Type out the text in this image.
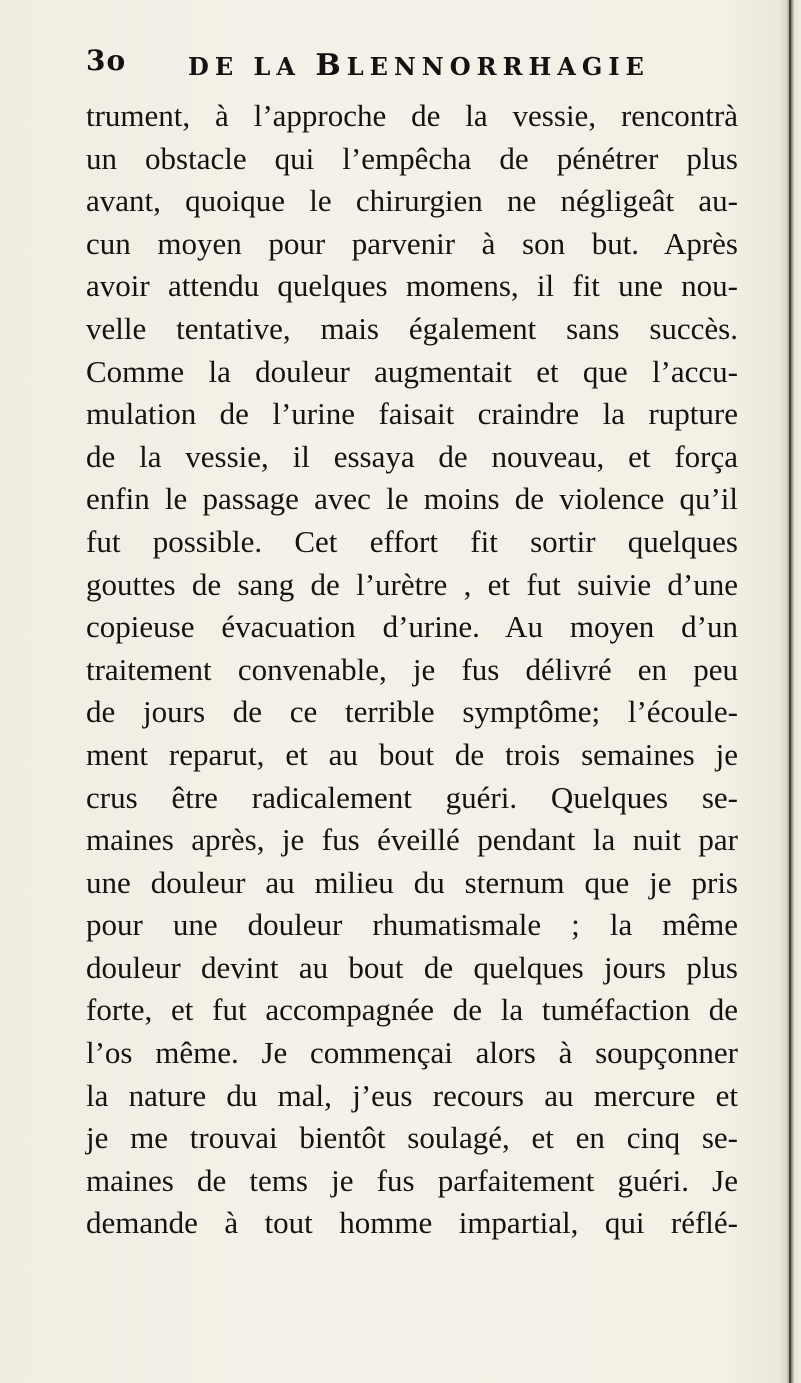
3o	DE LA BLENNORRHAGIE
trument, à l’approche de la vessie, rencontrà
un obstacle qui l’empêcha de pénétrer plus
avant, quoique le chirurgien ne négligeât au-
cun moyen pour parvenir à son but. Après
avoir attendu quelques momens, il fit une nou-
velle tentative, mais également sans succès.
Comme la douleur augmentait et que l’accu-
mulation de l’urine faisait craindre la rupture
de la vessie, il essaya de nouveau, et força
enfin le passage avec le moins de violence qu’il
fut possible. Cet effort fit sortir quelques
gouttes de sang de l’urètre , et fut suivie d’une
copieuse évacuation d’urine. Au moyen d’un
traitement convenable, je fus délivré en peu
de jours de ce terrible symptôme; l’écoule-
ment reparut, et au bout de trois semaines je
crus être radicalement guéri. Quelques se-
maines après, je fus éveillé pendant la nuit par
une douleur au milieu du sternum que je pris
pour une douleur rhumatismale ; la même
douleur devint au bout de quelques jours plus
forte, et fut accompagnée de la tuméfaction de
l’os même. Je commençai alors à soupçonner
la nature du mal, j’eus recours au mercure et
je me trouvai bientôt soulagé, et en cinq se-
maines de tems je fus parfaitement guéri. Je
demande à tout homme impartial, qui réflé-
